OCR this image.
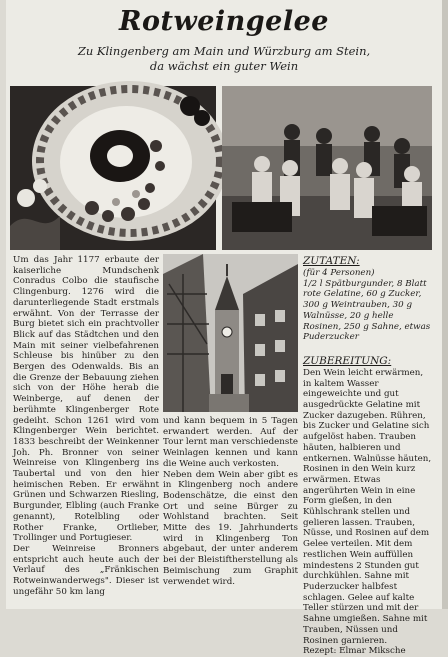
Rotweingelee
Zu Klingenberg am Main und Würzburg am Stein,
da wächst ein guter Wein

Um das Jahr 1177 erbaute der kaiserliche Mundschenk Conradus Colbo die staufische Clingenburg. 1276 wird die darunterliegende Stadt erstmals erwähnt. Von der Terrasse der Burg bietet sich ein prachtvoller Blick auf das Städtchen und den Main mit seiner vielbefahrenen Schleuse bis hinüber zu den Bergen des Odenwalds. Bis an die Grenze der Bebauung ziehen sich von der Höhe herab die Weinberge, auf denen der berühmte Klingenberger Rote gedeiht. Schon 1261 wird vom Klingenberger Wein berichtet. 1833 beschreibt der Weinkenner Joh. Ph. Bronner von seiner Weinreise von Klingenberg ins Taubertal und von den hier heimischen Reben. Er erwähnt Grünen und Schwarzen Riesling, Burgunder, Elbling (auch Franke genannt), Rotelbling oder Rother Franke, Ortlieber, Trollinger und Portugieser.

Der Weinreise Bronners entspricht auch heute auch der Verlauf des „Fränkischen Rotweinwanderwegs". Dieser ist ungefähr 50 km lang

und kann bequem in 5 Tagen erwandert werden. Auf der Tour lernt man verschiedenste Weinlagen kennen und kann die Weine auch verkosten.

Neben dem Wein aber gibt es in Klingenberg noch andere Bodenschätze, die einst den Ort und seine Bürger zu Wohlstand brachten. Seit Mitte des 19. Jahrhunderts wird in Klingenberg Ton abgebaut, der unter anderem bei der Bleistiftherstellung als Beimischung zum Graphit verwendet wird.

ZUTATEN:

(für 4 Personen)

1/2 l Spätburgunder, 8 Blatt rote Gelatine, 60 g Zucker, 300 g Weintrauben, 30 g Walnüsse, 20 g helle Rosinen, 250 g Sahne, etwas Puderzucker

ZUBEREITUNG:

Den Wein leicht erwärmen, in kaltem Wasser eingeweichte und gut ausgedrückte Gelatine mit Zucker dazugeben. Rühren, bis Zucker und Gelatine sich aufgelöst haben. Trauben häuten, halbieren und entkernen. Walnüsse häuten, Rosinen in den Wein kurz erwärmen. Etwas angerührten Wein in eine Form gießen, in den Kühlschrank stellen und gelieren lassen. Trauben, Nüsse, und Rosinen auf dem Gelee verteilen. Mit dem restlichen Wein auffüllen mindestens 2 Stunden gut durchkühlen. Sahne mit Puderzucker halbfest schlagen. Gelee auf kalte Teller stürzen und mit der Sahne umgießen. Sahne mit Trauben, Nüssen und Rosinen garnieren.

Rezept: Elmar Miksche
